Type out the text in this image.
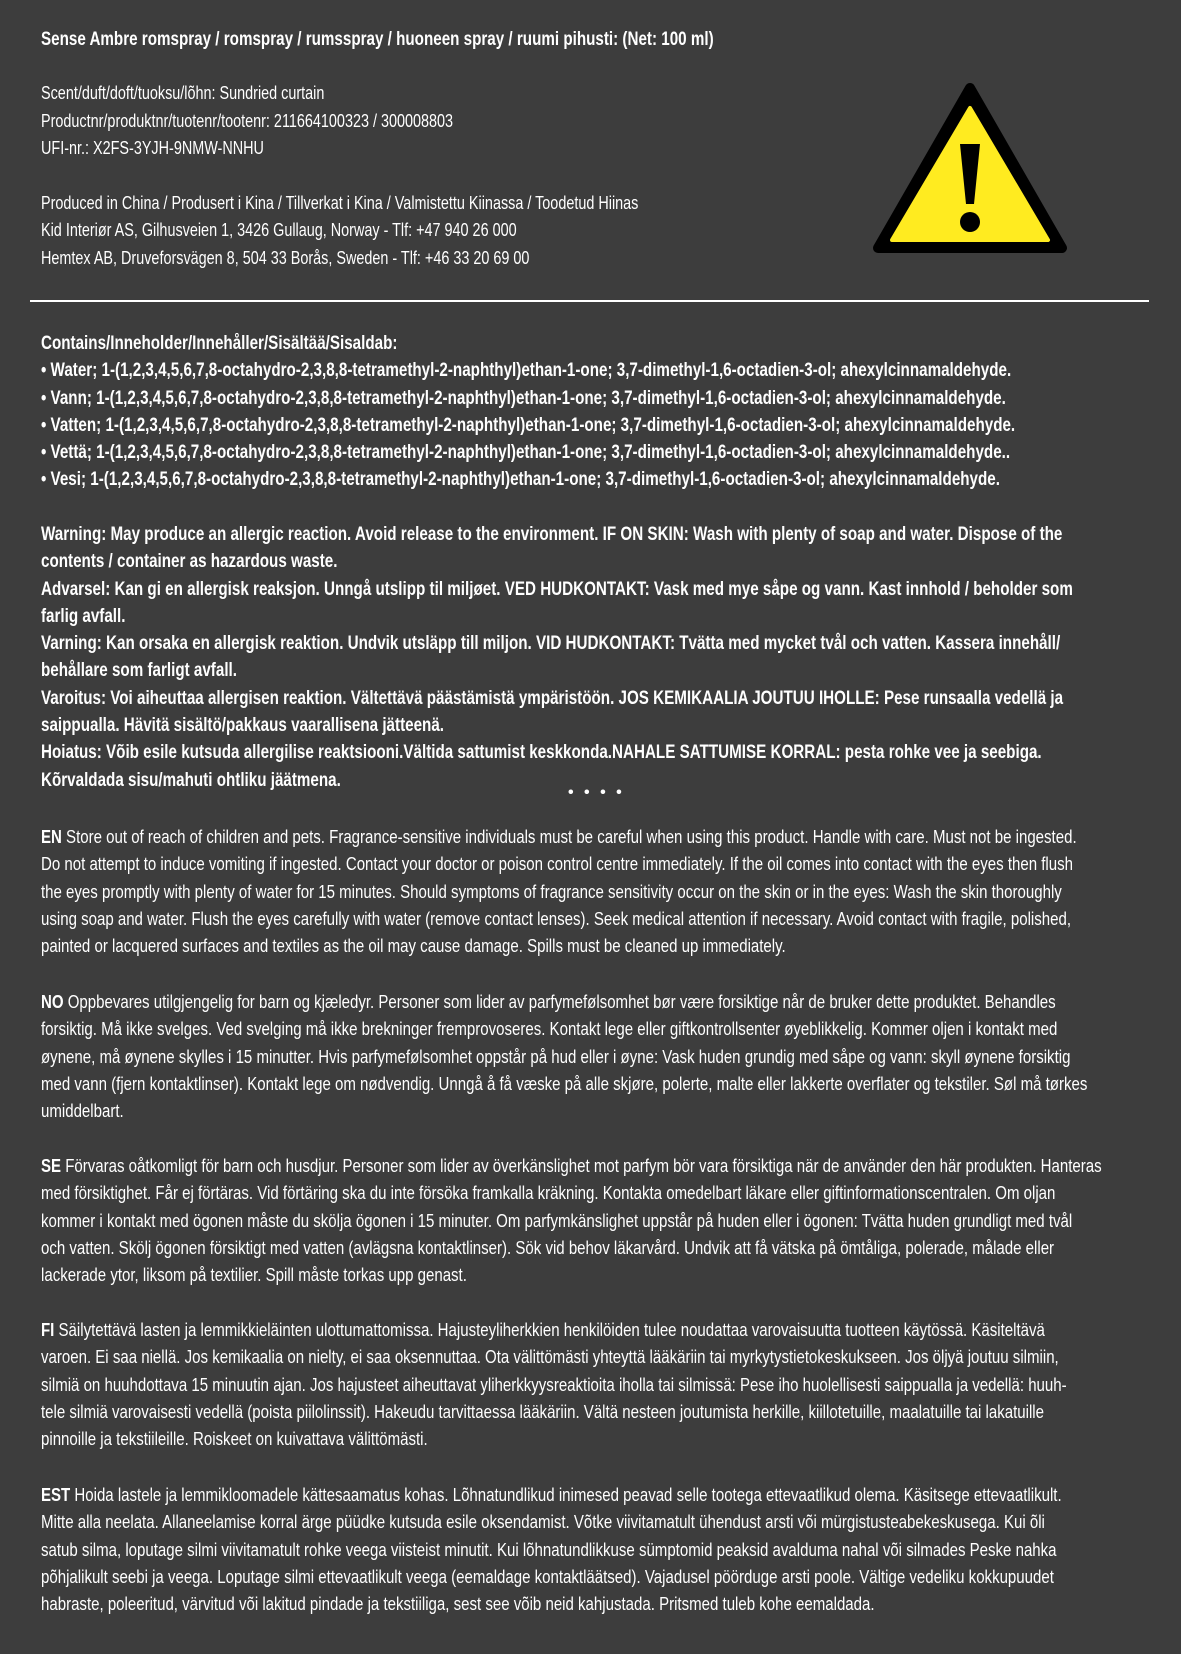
Sense Ambre romspray / romspray / rumsspray / huoneen spray / ruumi pihusti: (Net: 100 ml)
Scent/duft/doft/tuoksu/lõhn: Sundried curtain
Productnr/produktnr/tuotenr/tootenr: 211664100323 / 300008803
UFI-nr.: X2FS-3YJH-9NMW-NNHU
Produced in China / Produsert i Kina / Tillverkat i Kina / Valmistettu Kiinassa / Toodetud Hiinas
Kid Interiør AS, Gilhusveien 1, 3426 Gullaug, Norway - Tlf: +47 940 26 000
Hemtex AB, Druveforsvägen 8, 504 33 Borås, Sweden - Tlf: +46 33 20 69 00
Contains/Inneholder/Innehåller/Sisältää/Sisaldab:
• Water; 1-(1,2,3,4,5,6,7,8-octahydro-2,3,8,8-tetramethyl-2-naphthyl)ethan-1-one; 3,7-dimethyl-1,6-octadien-3-ol; ahexylcinnamaldehyde.
• Vann; 1-(1,2,3,4,5,6,7,8-octahydro-2,3,8,8-tetramethyl-2-naphthyl)ethan-1-one; 3,7-dimethyl-1,6-octadien-3-ol; ahexylcinnamaldehyde.
• Vatten; 1-(1,2,3,4,5,6,7,8-octahydro-2,3,8,8-tetramethyl-2-naphthyl)ethan-1-one; 3,7-dimethyl-1,6-octadien-3-ol; ahexylcinnamaldehyde.
• Vettä; 1-(1,2,3,4,5,6,7,8-octahydro-2,3,8,8-tetramethyl-2-naphthyl)ethan-1-one; 3,7-dimethyl-1,6-octadien-3-ol; ahexylcinnamaldehyde..
• Vesi; 1-(1,2,3,4,5,6,7,8-octahydro-2,3,8,8-tetramethyl-2-naphthyl)ethan-1-one; 3,7-dimethyl-1,6-octadien-3-ol; ahexylcinnamaldehyde.
Warning: May produce an allergic reaction. Avoid release to the environment. IF ON SKIN: Wash with plenty of soap and water. Dispose of the
contents / container as hazardous waste.
Advarsel: Kan gi en allergisk reaksjon. Unngå utslipp til miljøet. VED HUDKONTAKT: Vask med mye såpe og vann. Kast innhold / beholder som
farlig avfall.
Varning: Kan orsaka en allergisk reaktion. Undvik utsläpp till miljon. VID HUDKONTAKT: Tvätta med mycket tvål och vatten. Kassera innehåll/
behållare som farligt avfall.
Varoitus: Voi aiheuttaa allergisen reaktion. Vältettävä päästämistä ympäristöön. JOS KEMIKAALIA JOUTUU IHOLLE: Pese runsaalla vedellä ja
saippualla. Hävitä sisältö/pakkaus vaarallisena jätteenä.
Hoiatus: Võib esile kutsuda allergilise reaktsiooni.Vältida sattumist keskkonda.NAHALE SATTUMISE KORRAL: pesta rohke vee ja seebiga.
Kõrvaldada sisu/mahuti ohtliku jäätmena.
• • • •
EN Store out of reach of children and pets. Fragrance-sensitive individuals must be careful when using this product. Handle with care. Must not be ingested.
Do not attempt to induce vomiting if ingested. Contact your doctor or poison control centre immediately. If the oil comes into contact with the eyes then flush
the eyes promptly with plenty of water for 15 minutes. Should symptoms of fragrance sensitivity occur on the skin or in the eyes: Wash the skin thoroughly
using soap and water. Flush the eyes carefully with water (remove contact lenses). Seek medical attention if necessary. Avoid contact with fragile, polished,
painted or lacquered surfaces and textiles as the oil may cause damage. Spills must be cleaned up immediately.
NO Oppbevares utilgjengelig for barn og kjæledyr. Personer som lider av parfymefølsomhet bør være forsiktige når de bruker dette produktet. Behandles
forsiktig. Må ikke svelges. Ved svelging må ikke brekninger fremprovoseres. Kontakt lege eller giftkontrollsenter øyeblikkelig. Kommer oljen i kontakt med
øynene, må øynene skylles i 15 minutter. Hvis parfymefølsomhet oppstår på hud eller i øyne: Vask huden grundig med såpe og vann: skyll øynene forsiktig
med vann (fjern kontaktlinser). Kontakt lege om nødvendig. Unngå å få væske på alle skjøre, polerte, malte eller lakkerte overflater og tekstiler. Søl må tørkes
umiddelbart.
SE Förvaras oåtkomligt för barn och husdjur. Personer som lider av överkänslighet mot parfym bör vara försiktiga när de använder den här produkten. Hanteras
med försiktighet. Får ej förtäras. Vid förtäring ska du inte försöka framkalla kräkning. Kontakta omedelbart läkare eller giftinformationscentralen. Om oljan
kommer i kontakt med ögonen måste du skölja ögonen i 15 minuter. Om parfymkänslighet uppstår på huden eller i ögonen: Tvätta huden grundligt med tvål
och vatten. Skölj ögonen försiktigt med vatten (avlägsna kontaktlinser). Sök vid behov läkarvård. Undvik att få vätska på ömtåliga, polerade, målade eller
lackerade ytor, liksom på textilier. Spill måste torkas upp genast.
FI Säilytettävä lasten ja lemmikkieläinten ulottumattomissa. Hajusteyliherkkien henkilöiden tulee noudattaa varovaisuutta tuotteen käytössä. Käsiteltävä
varoen. Ei saa niellä. Jos kemikaalia on nielty, ei saa oksennuttaa. Ota välittömästi yhteyttä lääkäriin tai myrkytystietokeskukseen. Jos öljyä joutuu silmiin,
silmiä on huuhdottava 15 minuutin ajan. Jos hajusteet aiheuttavat yliherkkyysreaktioita iholla tai silmissä: Pese iho huolellisesti saippualla ja vedellä: huuh-
tele silmiä varovaisesti vedellä (poista piilolinssit). Hakeudu tarvittaessa lääkäriin. Vältä nesteen joutumista herkille, kiillotetuille, maalatuille tai lakatuille
pinnoille ja tekstiileille. Roiskeet on kuivattava välittömästi.
EST Hoida lastele ja lemmikloomadele kättesaamatus kohas. Lõhnatundlikud inimesed peavad selle tootega ettevaatlikud olema. Käsitsege ettevaatlikult.
Mitte alla neelata. Allaneelamise korral ärge püüdke kutsuda esile oksendamist. Võtke viivitamatult ühendust arsti või mürgistusteabekeskusega. Kui õli
satub silma, loputage silmi viivitamatult rohke veega viisteist minutit. Kui lõhnatundlikkuse sümptomid peaksid avalduma nahal või silmades Peske nahka
põhjalikult seebi ja veega. Loputage silmi ettevaatlikult veega (eemaldage kontaktläätsed). Vajadusel pöörduge arsti poole. Vältige vedeliku kokkupuudet
habraste, poleeritud, värvitud või lakitud pindade ja tekstiiliga, sest see võib neid kahjustada. Pritsmed tuleb kohe eemaldada.
